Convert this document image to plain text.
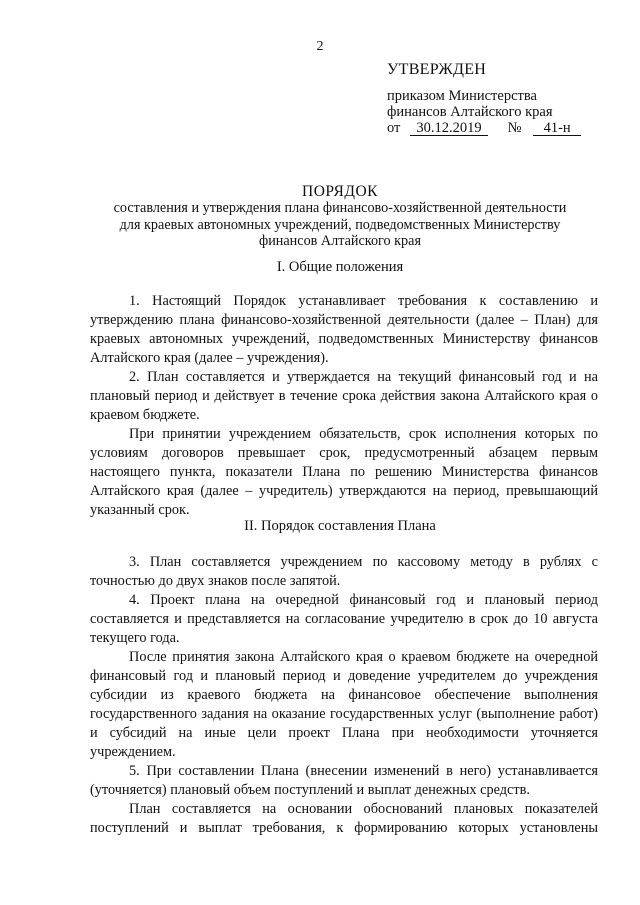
2
УТВЕРЖДЕН
приказом Министерства
финансов Алтайского края
от 30.12.2019 № 41-н
ПОРЯДОК
составления и утверждения плана финансово-хозяйственной деятельности для краевых автономных учреждений, подведомственных Министерству финансов Алтайского края
I. Общие положения

1. Настоящий Порядок устанавливает требования к составлению и утверждению плана финансово-хозяйственной деятельности (далее – План) для краевых автономных учреждений, подведомственных Министерству финансов Алтайского края (далее – учреждения).

2. План составляется и утверждается на текущий финансовый год и на плановый период и действует в течение срока действия закона Алтайского края о краевом бюджете.

При принятии учреждением обязательств, срок исполнения которых по условиям договоров превышает срок, предусмотренный абзацем первым настоящего пункта, показатели Плана по решению Министерства финансов Алтайского края (далее – учредитель) утверждаются на период, превышающий указанный срок.

II. Порядок составления Плана

3. План составляется учреждением по кассовому методу в рублях с точностью до двух знаков после запятой.

4. Проект плана на очередной финансовый год и плановый период составляется и представляется на согласование учредителю в срок до 10 августа текущего года.

После принятия закона Алтайского края о краевом бюджете на очередной финансовый год и плановый период и доведение учредителем до учреждения субсидии из краевого бюджета на финансовое обеспечение выполнения государственного задания на оказание государственных услуг (выполнение работ) и субсидий на иные цели проект Плана при необходимости уточняется учреждением.

5. При составлении Плана (внесении изменений в него) устанавливается (уточняется) плановый объем поступлений и выплат денежных средств.

План составляется на основании обоснований плановых показателей поступлений и выплат требования, к формированию которых установлены
